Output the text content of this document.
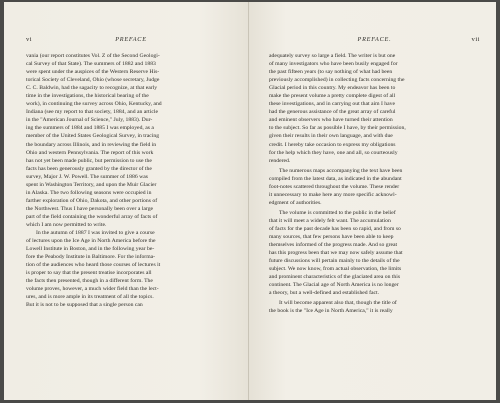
vi	PREFACE
vania (our report constitutes Vol. Z of the Second Geologi-
cal Survey of that State). The summers of 1882 and 1883
were spent under the auspices of the Western Reserve His-
torical Society of Cleveland, Ohio (whose secretary, Judge
C. C. Baldwin, had the sagacity to recognize, at that early
time in the investigations, the historical bearing of the
work), in continuing the survey across Ohio, Kentucky, and
Indiana (see my report to that society, 1884, and an article
in the "American Journal of Science," July, 1883). Dur-
ing the summers of 1884 and 1885 I was employed, as a
member of the United States Geological Survey, in tracing
the boundary across Illinois, and in reviewing the field in
Ohio and western Pennsylvania. The report of this work
has not yet been made public, but permission to use the
facts has been generously granted by the director of the
survey, Major J. W. Powell. The summer of 1886 was
spent in Washington Territory, and upon the Muir Glacier
in Alaska. The two following seasons were occupied in
farther exploration of Ohio, Dakota, and other portions of
the Northwest. Thus I have personally been over a large
part of the field containing the wonderful array of facts of
which I am now permitted to write.
In the autumn of 1887 I was invited to give a course
of lectures upon the Ice Age in North America before the
Lowell Institute in Boston, and in the following year be-
fore the Peabody Institute in Baltimore. For the informa-
tion of the audiences who heard those courses of lectures it
is proper to say that the present treatise incorporates all
the facts then presented, though in a different form. The
volume proves, however, a much wider field than the lect-
ures, and is more ample in its treatment of all the topics.
But it is not to be supposed that a single person can
PREFACE.	vii
adequately survey so large a field. The writer is but one
of many investigators who have been busily engaged for
the past fifteen years (to say nothing of what had been
previously accomplished) in collecting facts concerning the
Glacial period in this country. My endeavor has been to
make the present volume a pretty complete digest of all
these investigations, and in carrying out that aim I have
had the generous assistance of the great array of careful
and eminent observers who have turned their attention
to the subject. So far as possible I have, by their permission,
given their results in their own language, and with due
credit. I hereby take occasion to express my obligations
for the help which they have, one and all, so courteously
rendered.
The numerous maps accompanying the text have been
compiled from the latest data, as indicated in the abundant
foot-notes scattered throughout the volume. These render
it unnecessary to make here any more specific acknowl-
edgment of authorities.
The volume is committed to the public in the belief
that it will meet a widely felt want. The accumulation
of facts for the past decade has been so rapid, and from so
many sources, that few persons have been able to keep
themselves informed of the progress made. And so great
has this progress been that we may now safely assume that
future discussions will pertain mainly to the details of the
subject. We now know, from actual observation, the limits
and prominent characteristics of the glaciated area on this
continent. The Glacial age of North America is no longer
a theory, but a well-defined and established fact.
It will become apparent also that, though the title of
the book is the "Ice Age in North America," it is really
